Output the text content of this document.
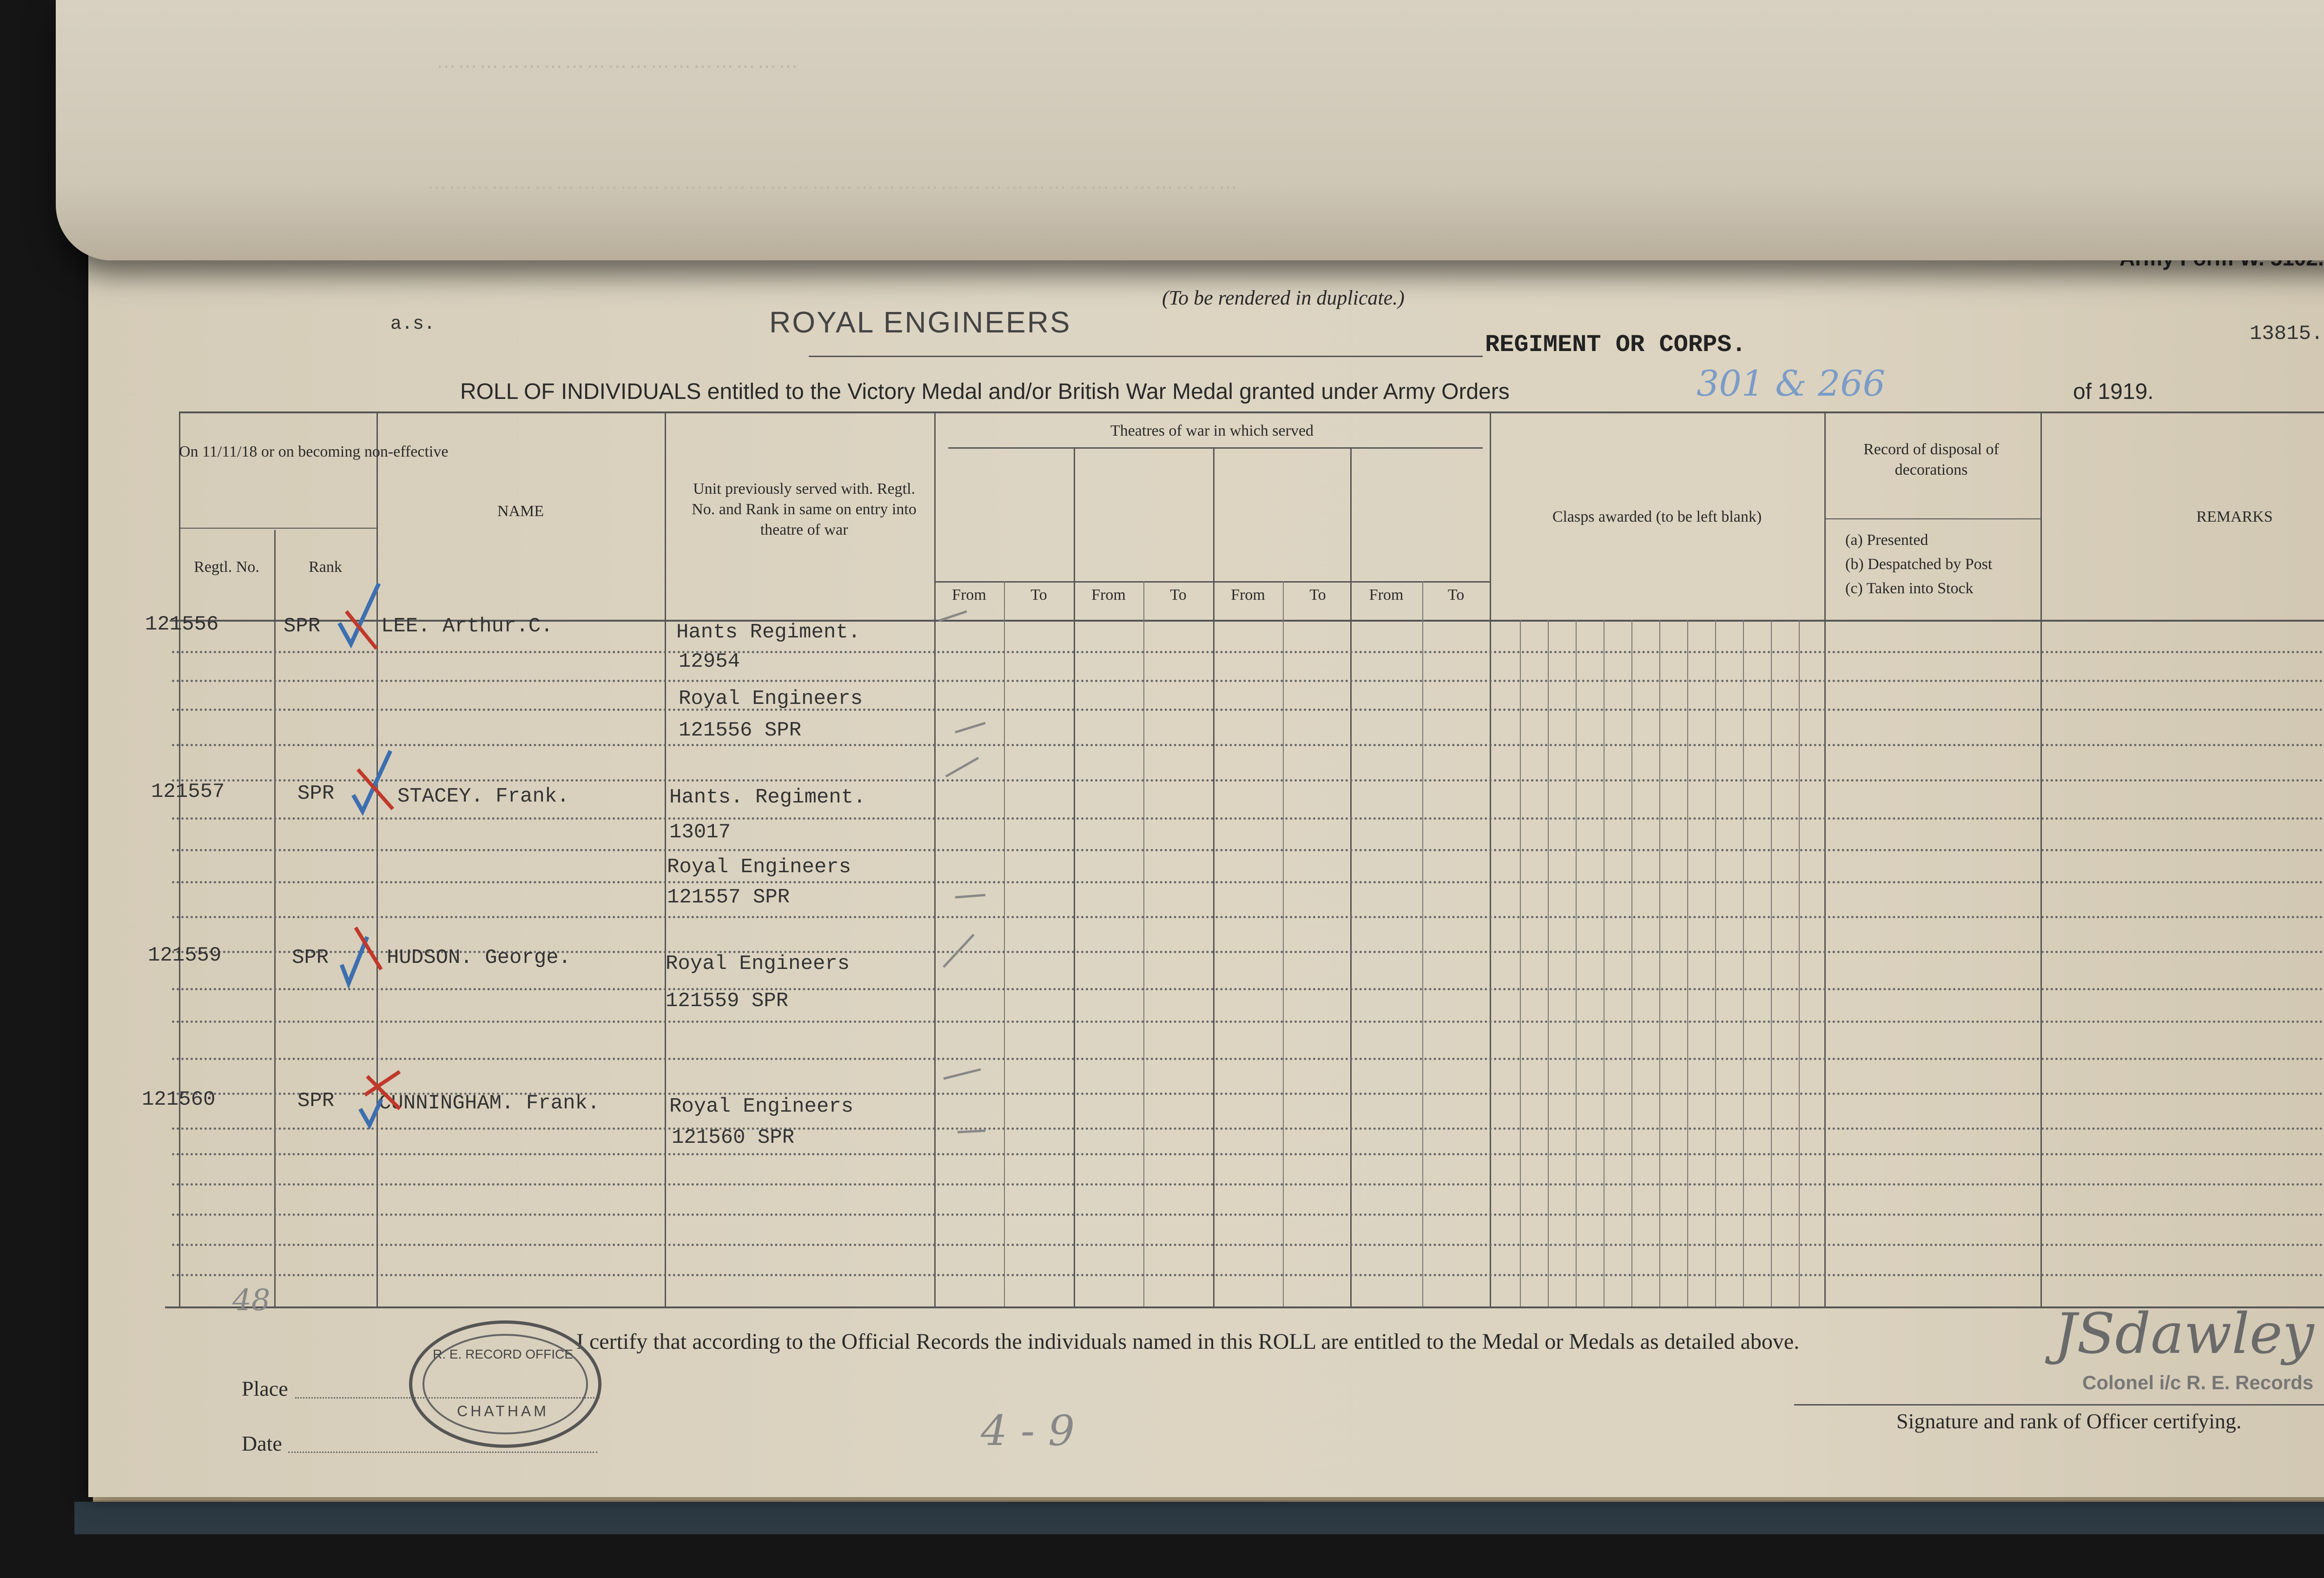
⋯⋯⋯⋯⋯⋯⋯⋯⋯⋯⋯⋯⋯⋯⋯⋯⋯
⋯⋯⋯⋯⋯⋯⋯⋯⋯⋯⋯⋯⋯⋯⋯⋯⋯⋯⋯⋯⋯⋯⋯⋯⋯⋯⋯⋯⋯⋯⋯⋯⋯⋯⋯⋯⋯⋯
(To be rendered in duplicate.)
a.s.	ROYAL ENGINEERS
REGIMENT OR CORPS.	13815.
ROLL OF INDIVIDUALS entitled to the Victory Medal and/or British War Medal granted under Army Orders	301 & 266	of 1919.
On 11/11/18 or on becoming non-effective
Regtl. No.	Rank
NAME
Unit previously served with. Regtl. No. and Rank in same on entry into theatre of war
Theatres of war in which served
From	To	From	To	From	To	From	To
Clasps awarded (to be left blank)
Record of disposal of decorations
(a) Presented
(b) Despatched by Post
(c) Taken into Stock
REMARKS
121556	SPR	LEE. Arthur.C.	Hants Regiment.
12954
Royal Engineers
121556 SPR
121557	SPR	STACEY. Frank.	Hants. Regiment.
13017
Royal Engineers
121557 SPR
121559	SPR	HUDSON. George.	Royal Engineers
121559 SPR
121560	SPR CUNNINGHAM. Frank.	Royal Engineers
121560 SPR
I certify that according to the Official Records the individuals named in this ROLL are entitled to the Medal or Medals as detailed above.
Place
Date
R. E. RECORD OFFICE
CHATHAM
JSdawley
Colonel i/c R. E. Records
Signature and rank of Officer certifying.
48
4 - 9
